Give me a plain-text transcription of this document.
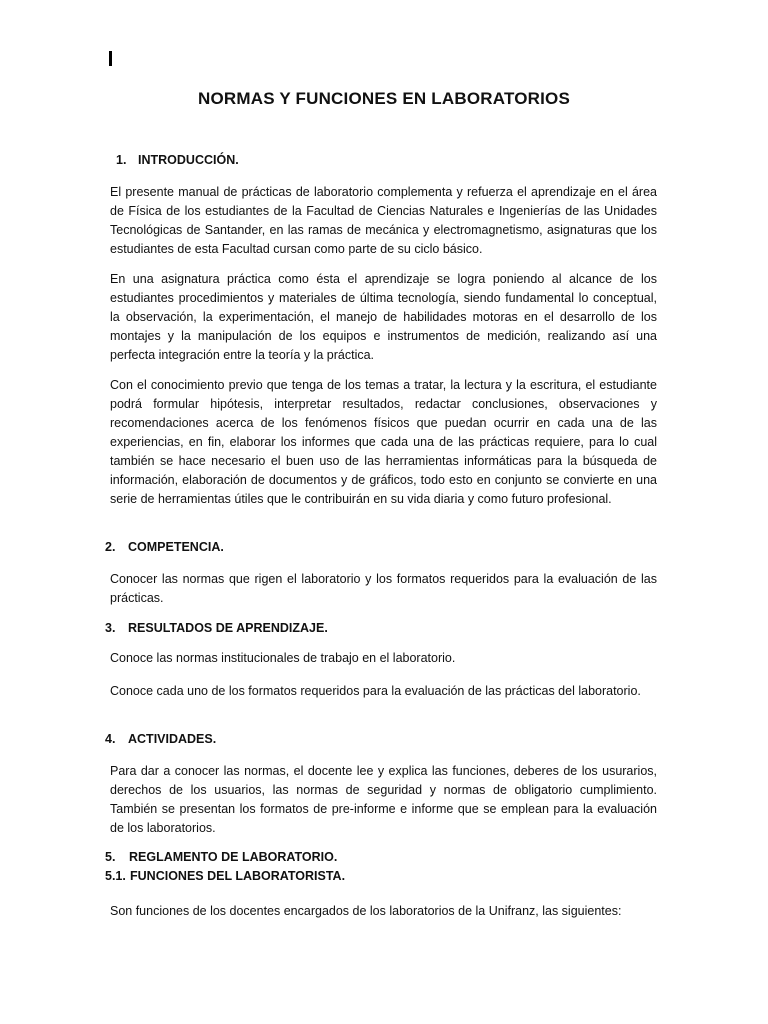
NORMAS Y FUNCIONES EN LABORATORIOS
1. INTRODUCCIÓN.

El presente manual de prácticas de laboratorio complementa y refuerza el aprendizaje en el área de Física de los estudiantes de la Facultad de Ciencias Naturales e Ingenierías de las Unidades Tecnológicas de Santander, en las ramas de mecánica y electromagnetismo, asignaturas que los estudiantes de esta Facultad cursan como parte de su ciclo básico.

En una asignatura práctica como ésta el aprendizaje se logra poniendo al alcance de los estudiantes procedimientos y materiales de última tecnología, siendo fundamental lo conceptual, la observación, la experimentación, el manejo de habilidades motoras en el desarrollo de los montajes y la manipulación de los equipos e instrumentos de medición, realizando así una perfecta integración entre la teoría y la práctica.

Con el conocimiento previo que tenga de los temas a tratar, la lectura y la escritura, el estudiante podrá formular hipótesis, interpretar resultados, redactar conclusiones, observaciones y recomendaciones acerca de los fenómenos físicos que puedan ocurrir en cada una de las experiencias, en fin, elaborar los informes que cada una de las prácticas requiere, para lo cual también se hace necesario el buen uso de las herramientas informáticas para la búsqueda de información, elaboración de documentos y de gráficos, todo esto en conjunto se convierte en una serie de herramientas útiles que le contribuirán en su vida diaria y como futuro profesional.

2. COMPETENCIA.

Conocer las normas que rigen el laboratorio y los formatos requeridos para la evaluación de las prácticas.

3. RESULTADOS DE APRENDIZAJE.

Conoce las normas institucionales de trabajo en el laboratorio.

Conoce cada uno de los formatos requeridos para la evaluación de las prácticas del laboratorio.

4. ACTIVIDADES.

Para dar a conocer las normas, el docente lee y explica las funciones, deberes de los usurarios, derechos de los usuarios, las normas de seguridad y normas de obligatorio cumplimiento. También se presentan los formatos de pre-informe e informe que se emplean para la evaluación de los laboratorios.

5. REGLAMENTO DE LABORATORIO.
5.1. FUNCIONES DEL LABORATORISTA.

Son funciones de los docentes encargados de los laboratorios de la Unifranz, las siguientes:
